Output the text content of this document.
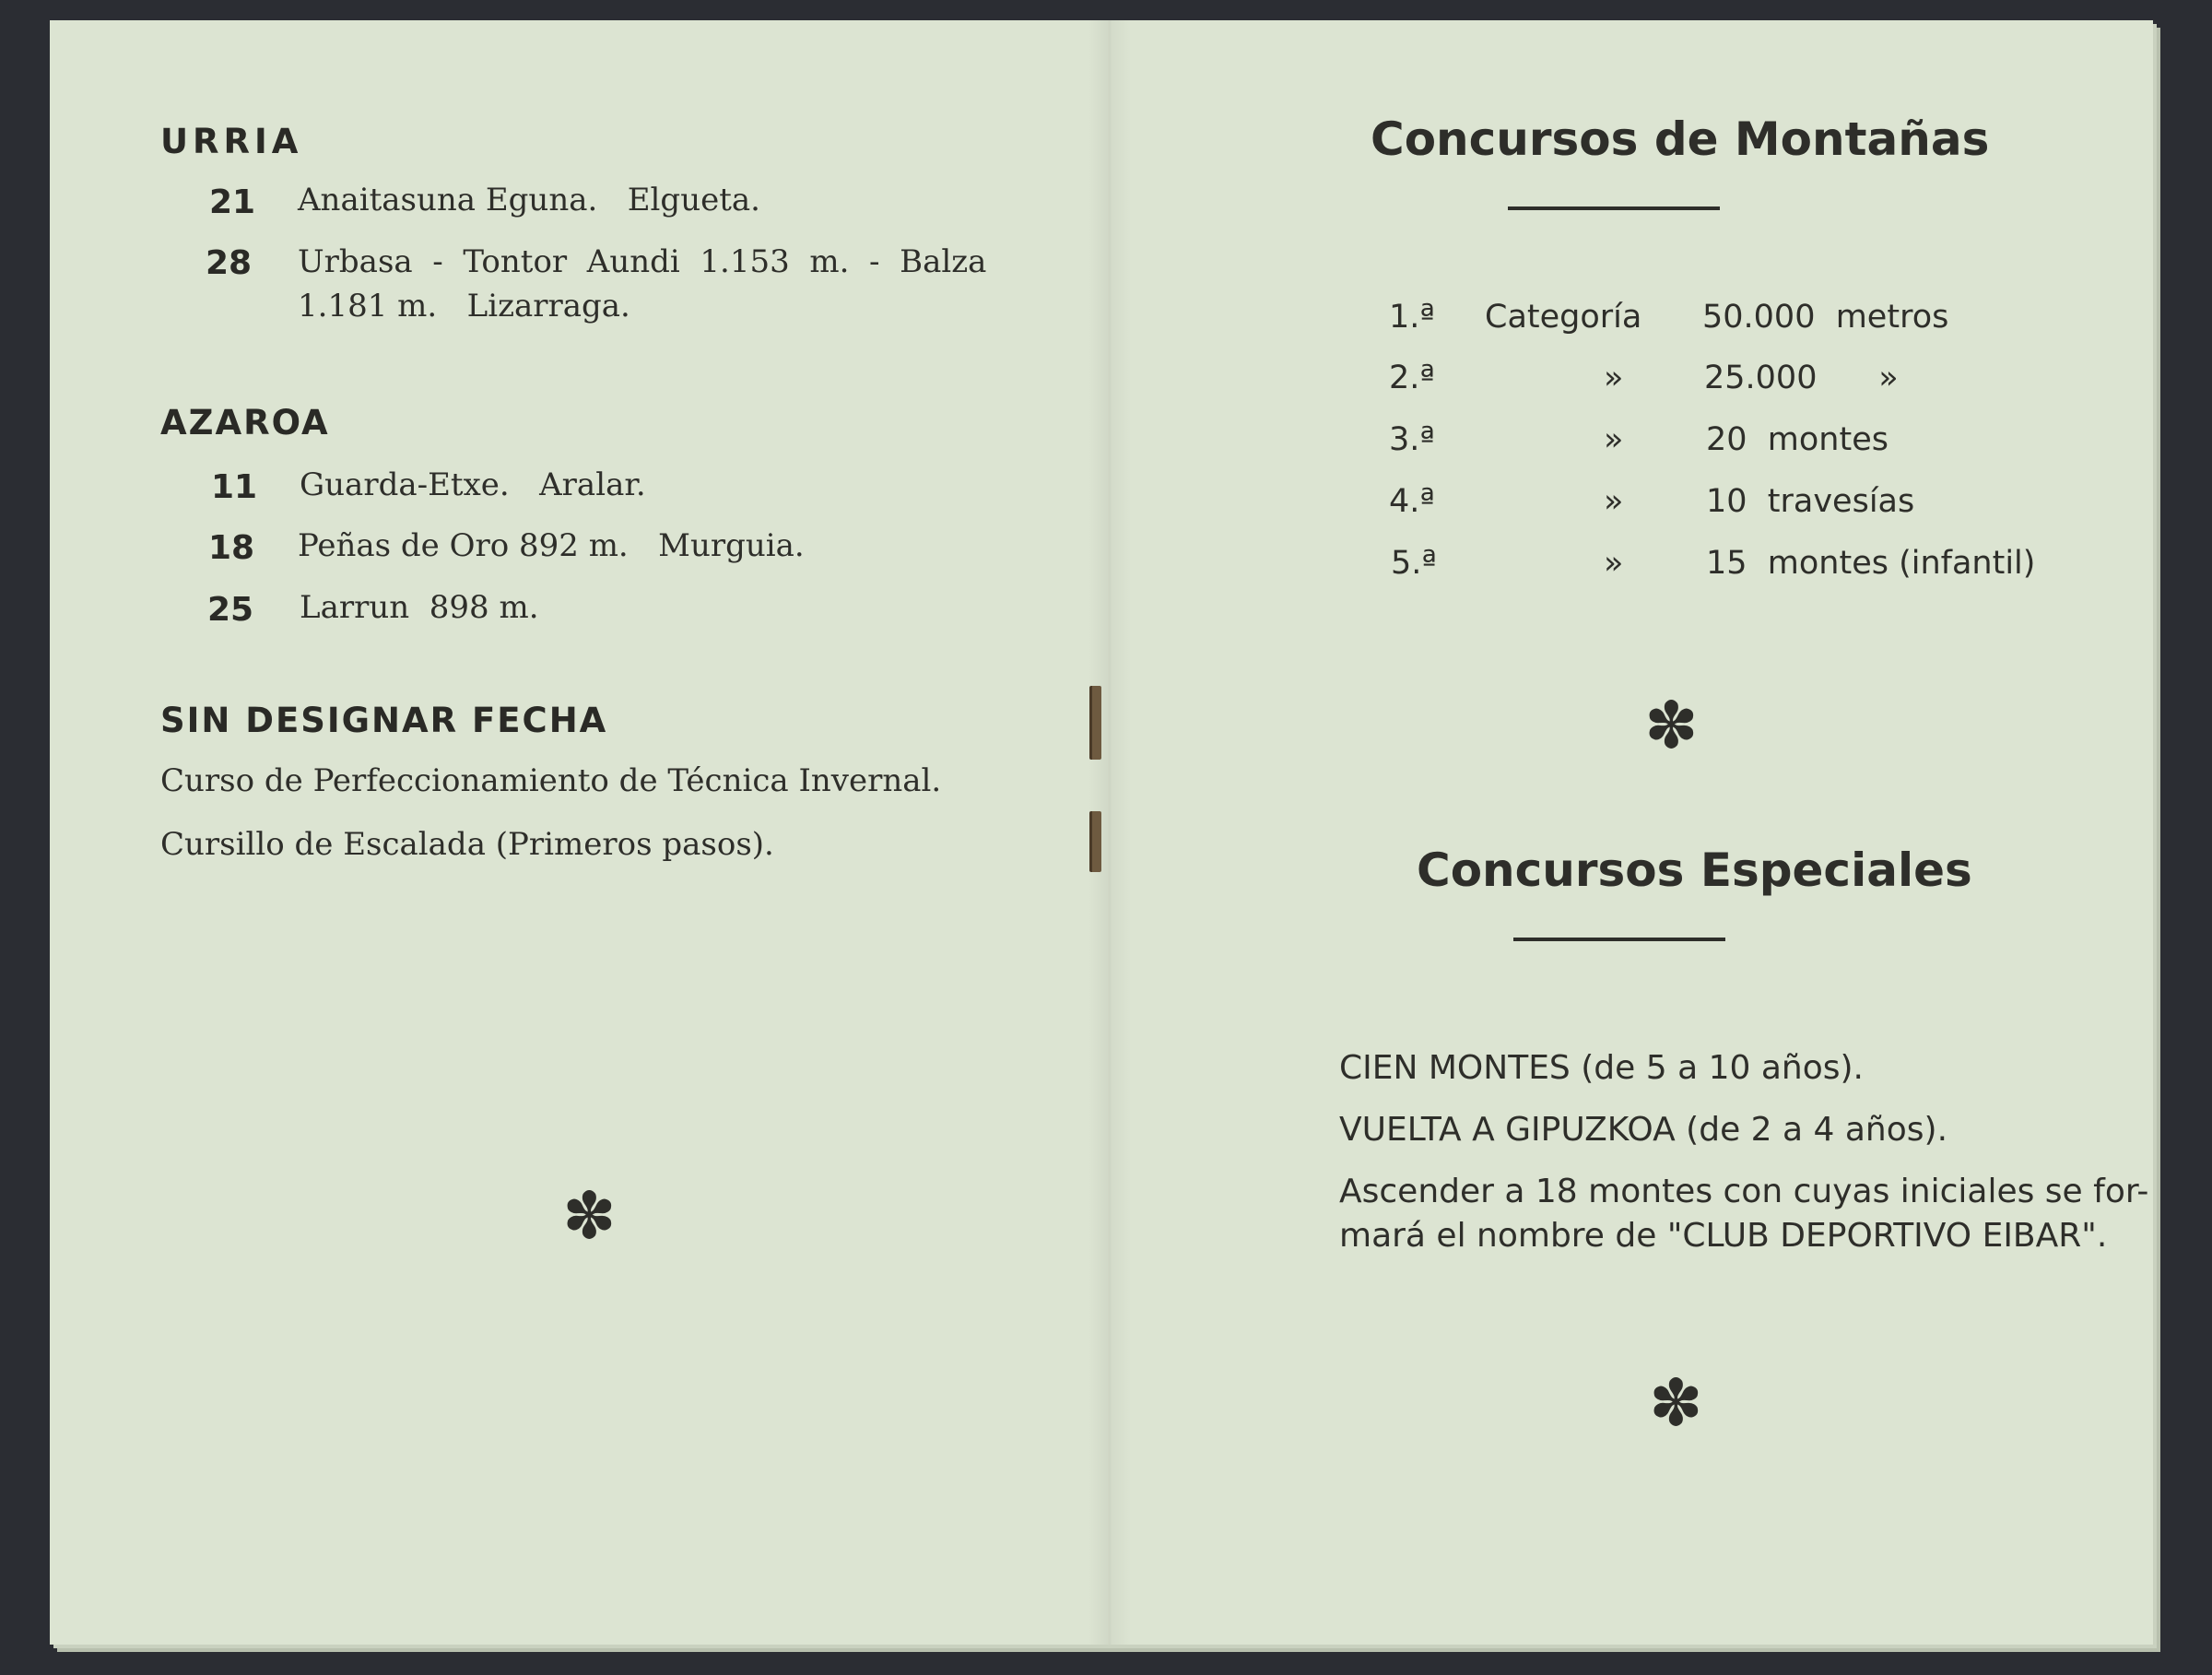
URRIA
21 Anaitasuna Eguna.   Elgueta.
28 Urbasa  -  Tontor  Aundi  1.153  m.  -  Balza
1.181 m.   Lizarraga.
AZAROA
11 Guarda-Etxe.   Aralar.
18 Peñas de Oro 892 m.   Murguia.
25 Larrun  898 m.
SIN DESIGNAR FECHA
Curso de Perfeccionamiento de Técnica Invernal.
Cursillo de Escalada (Primeros pasos).
✽
Concursos de Montañas
1.ª Categoría 50.000  metros
2.ª	»	25.000      »
3.ª	»	20  montes
4.ª	»	10  travesías
5.ª	»	15  montes (infantil)
✽
Concursos Especiales
CIEN MONTES (de 5 a 10 años).
VUELTA A GIPUZKOA (de 2 a 4 años).
Ascender a 18 montes con cuyas iniciales se for-
mará el nombre de "CLUB DEPORTIVO EIBAR".
✽
